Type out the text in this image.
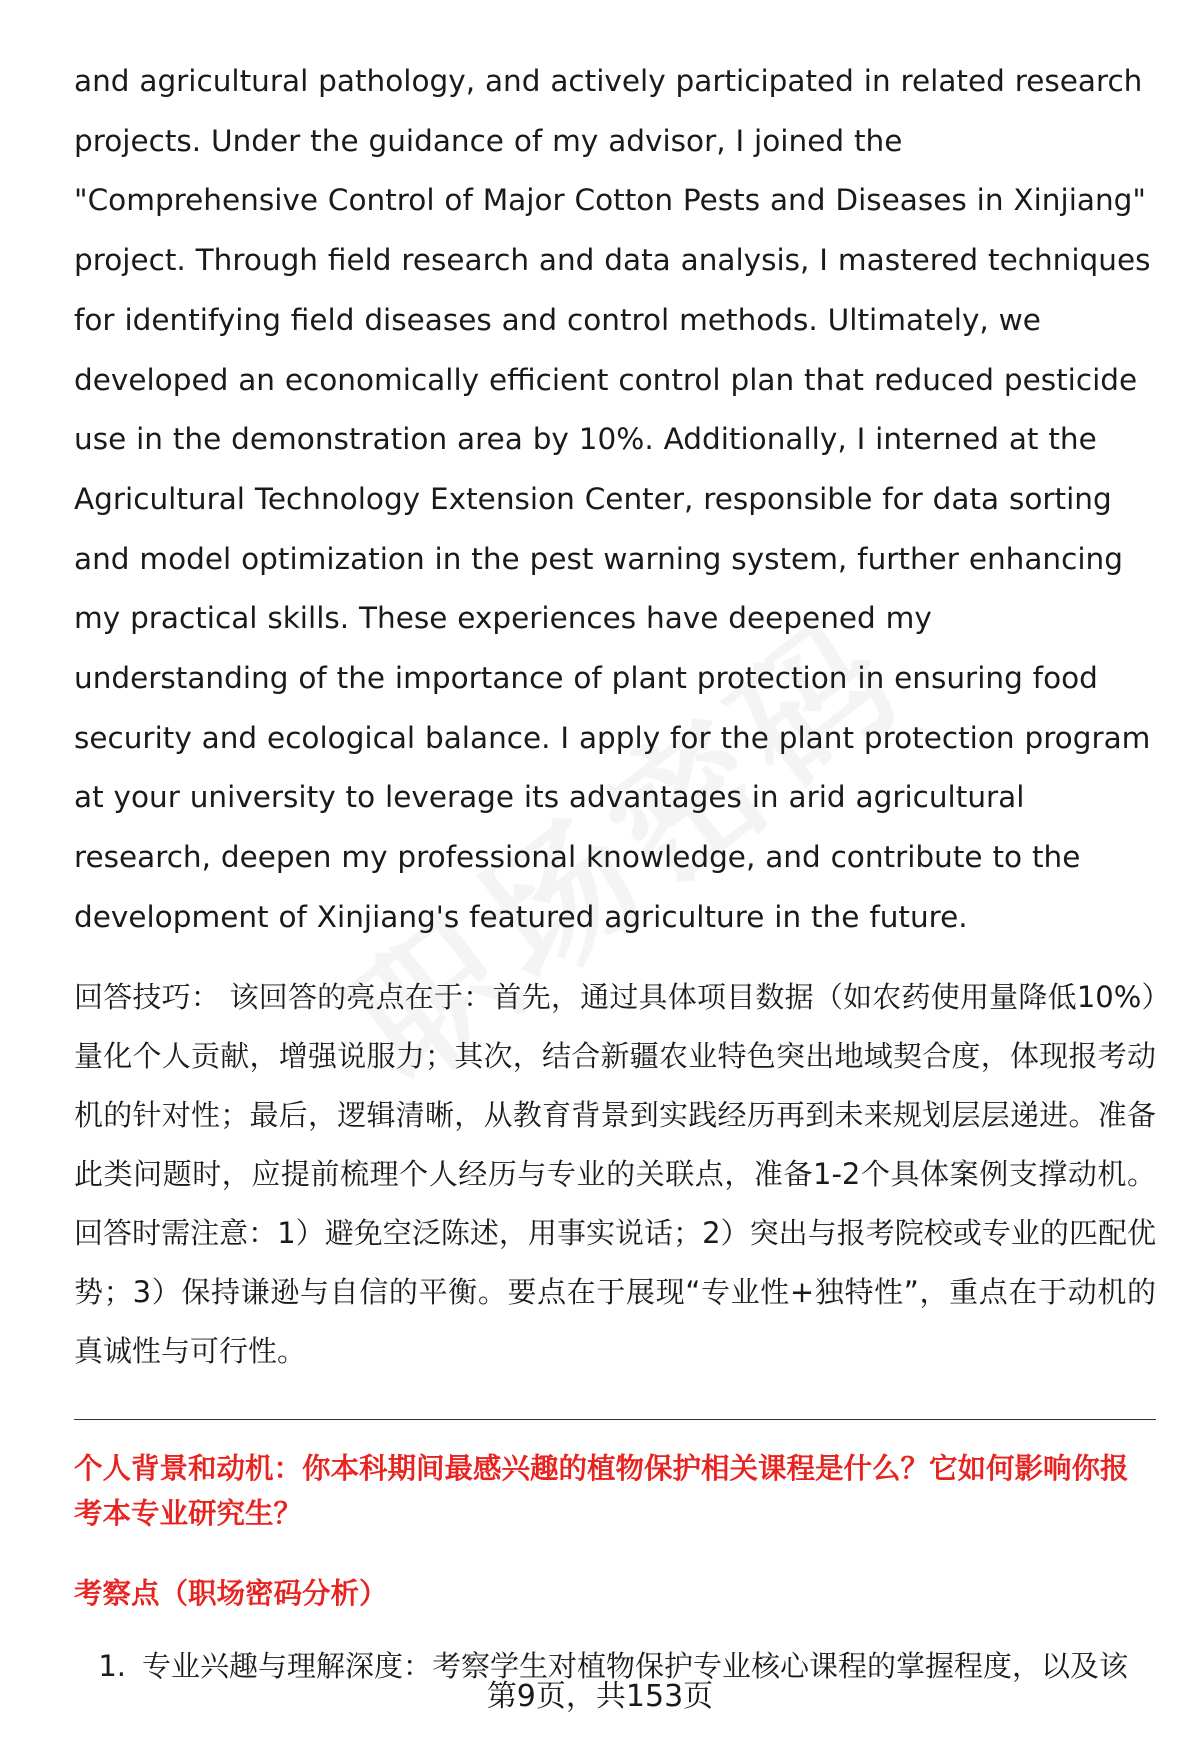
and agricultural pathology, and actively participated in related research projects. Under the guidance of my advisor, I joined the "Comprehensive Control of Major Cotton Pests and Diseases in Xinjiang" project. Through field research and data analysis, I mastered techniques for identifying field diseases and control methods. Ultimately, we developed an economically efficient control plan that reduced pesticide use in the demonstration area by 10%. Additionally, I interned at the Agricultural Technology Extension Center, responsible for data sorting and model optimization in the pest warning system, further enhancing my practical skills. These experiences have deepened my understanding of the importance of plant protection in ensuring food security and ecological balance. I apply for the plant protection program at your university to leverage its advantages in arid agricultural research, deepen my professional knowledge, and contribute to the development of Xinjiang's featured agriculture in the future.

回答技巧： 该回答的亮点在于：首先，通过具体项目数据（如农药使用量降低10%）量化个人贡献，增强说服力；其次，结合新疆农业特色突出地域契合度，体现报考动机的针对性；最后，逻辑清晰，从教育背景到实践经历再到未来规划层层递进。准备此类问题时，应提前梳理个人经历与专业的关联点，准备1-2个具体案例支撑动机。回答时需注意：1）避免空泛陈述，用事实说话；2）突出与报考院校或专业的匹配优势；3）保持谦逊与自信的平衡。要点在于展现“专业性+独特性”，重点在于动机的真诚性与可行性。

个人背景和动机：你本科期间最感兴趣的植物保护相关课程是什么？它如何影响你报考本专业研究生？
考察点（职场密码分析）
1. 专业兴趣与理解深度：考察学生对植物保护专业核心课程的掌握程度，以及该
第9页，共153页
